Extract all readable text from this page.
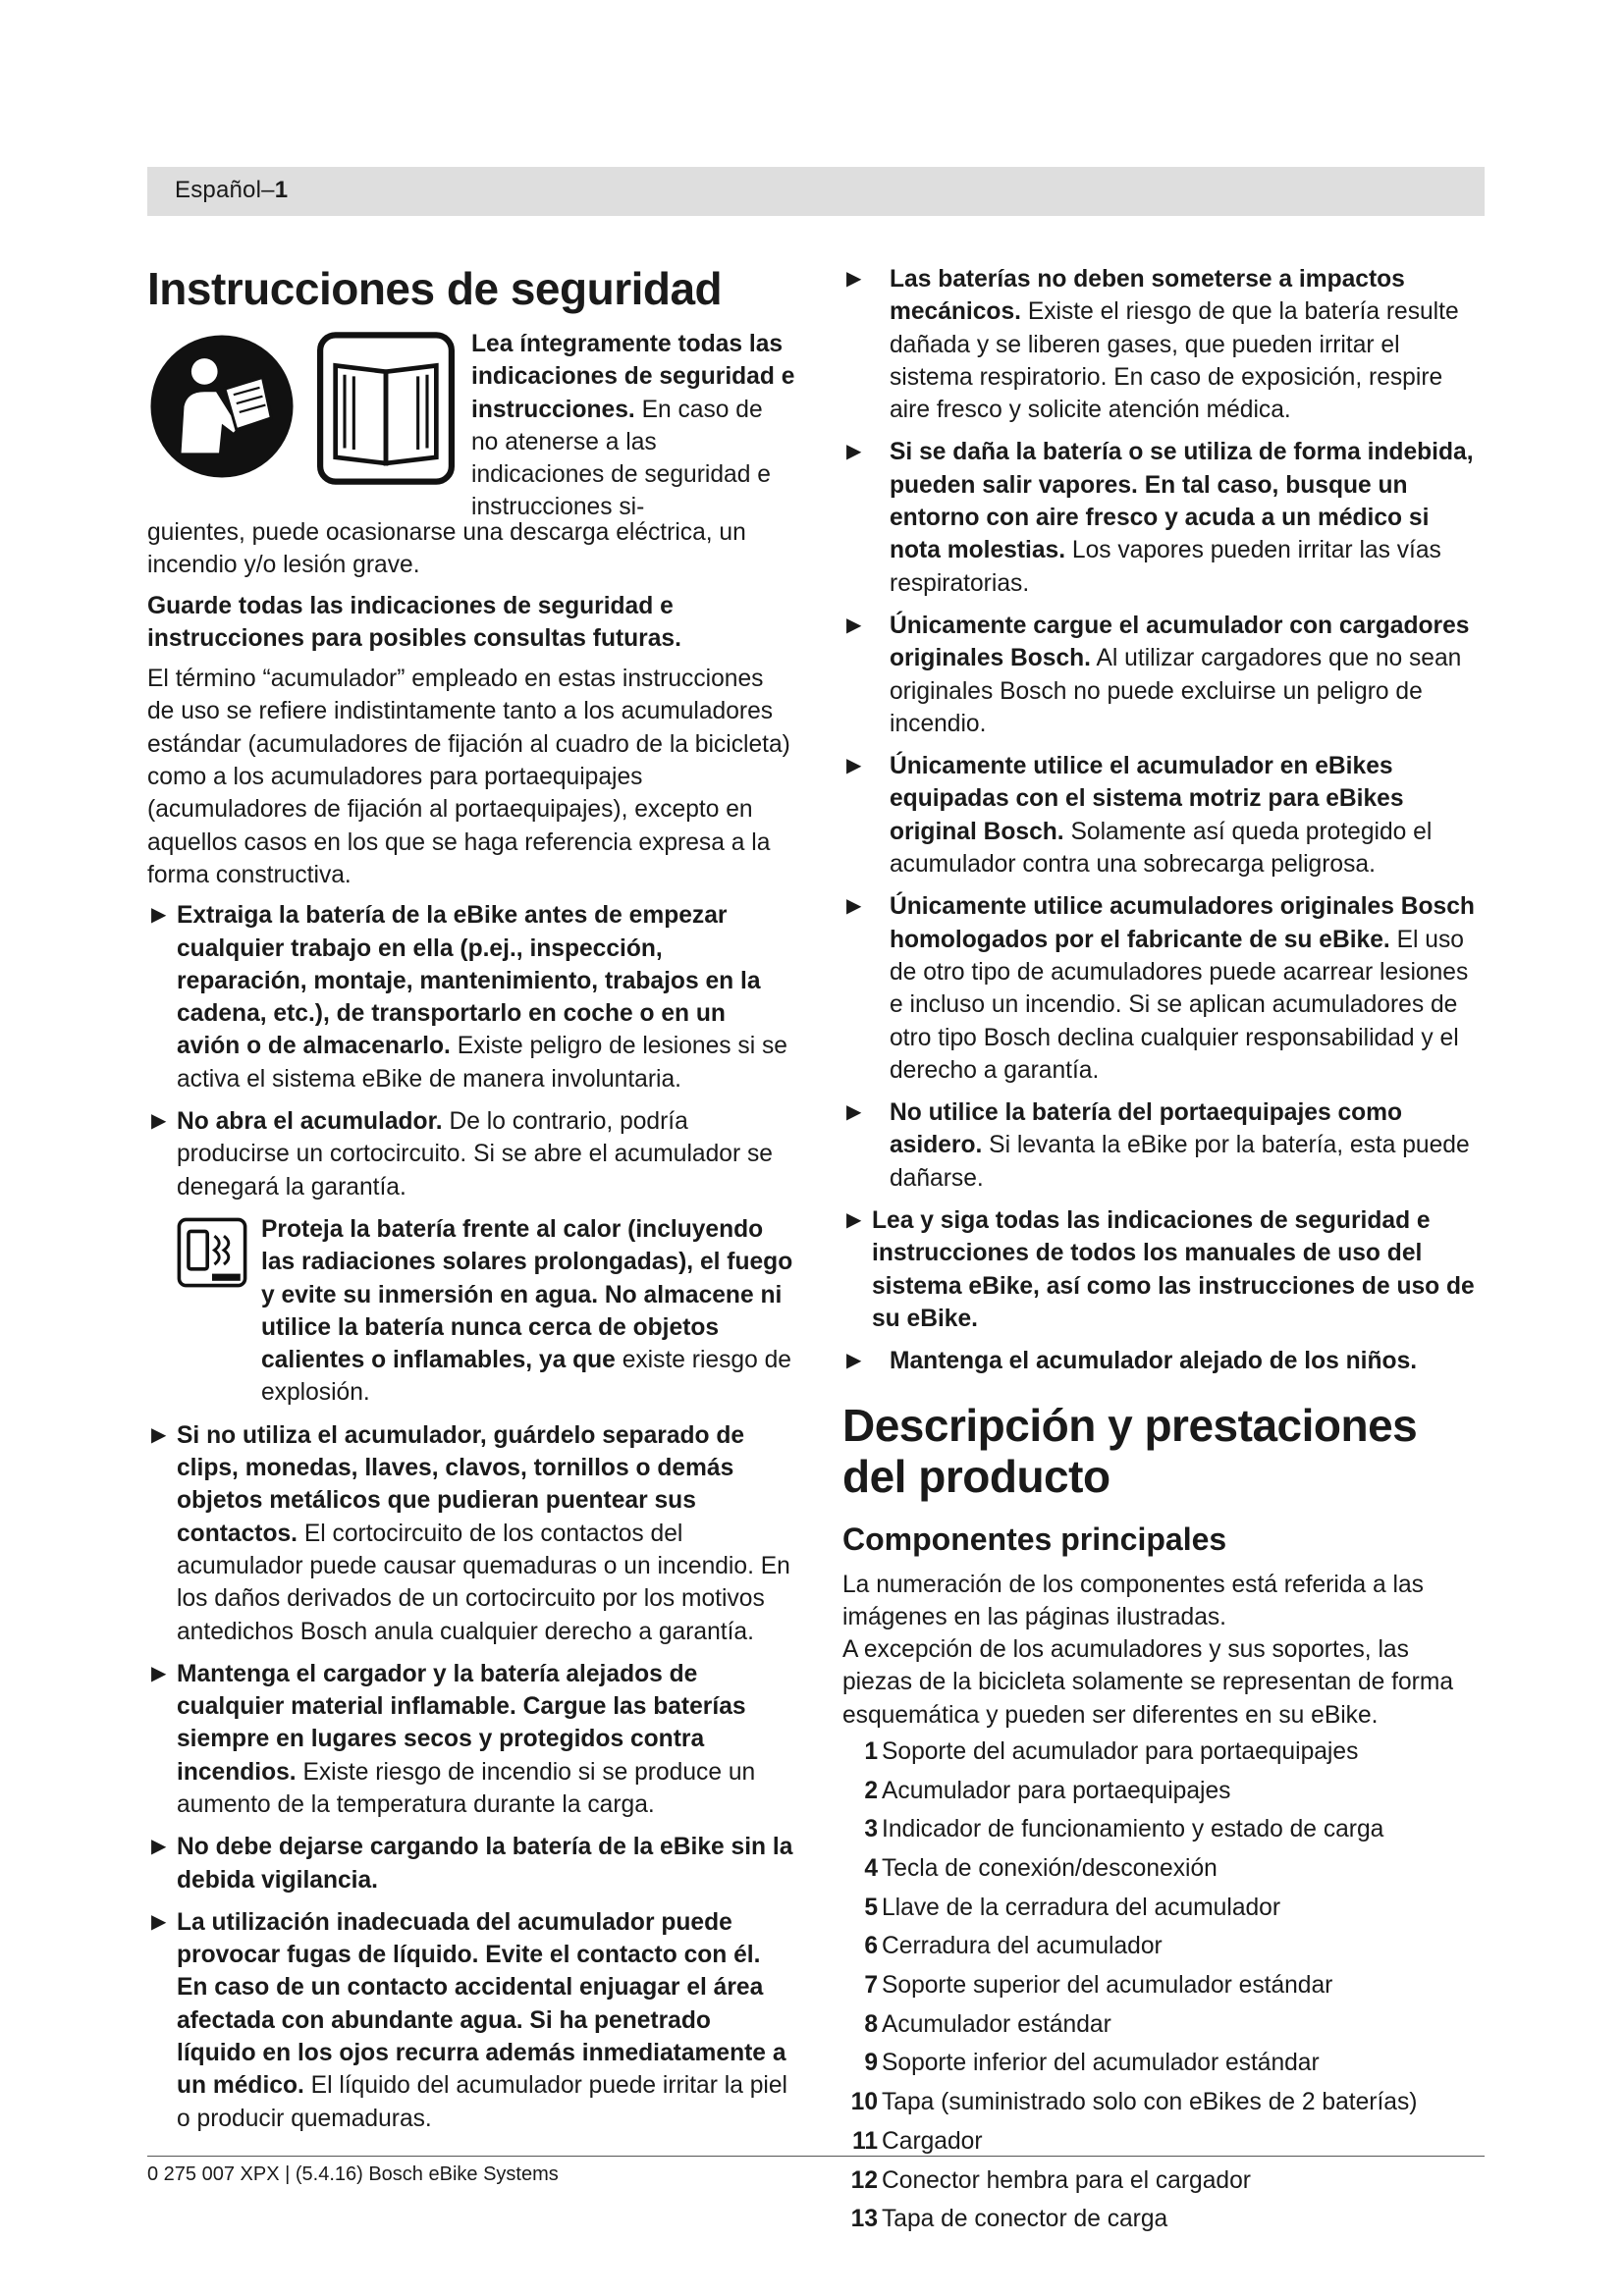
Español–1
Instrucciones de seguridad
Lea íntegramente todas las indicaciones de seguridad e instrucciones. En caso de no atenerse a las indicaciones de seguridad e instrucciones si-

guientes, puede ocasionarse una descarga eléctrica, un incendio y/o lesión grave.

Guarde todas las indicaciones de seguridad e instrucciones para posibles consultas futuras.

El término “acumulador” empleado en estas instrucciones de uso se refiere indistintamente tanto a los acumuladores estándar (acumuladores de fijación al cuadro de la bicicleta) como a los acumuladores para portaequipajes (acumuladores de fijación al portaequipajes), excepto en aquellos casos en los que se haga referencia expresa a la forma constructiva.

▶ Extraiga la batería de la eBike antes de empezar cualquier trabajo en ella (p.ej., inspección, reparación, montaje, mantenimiento, trabajos en la cadena, etc.), de transportarlo en coche o en un avión o de almacenarlo. Existe peligro de lesiones si se activa el sistema eBike de manera involuntaria.
▶ No abra el acumulador. De lo contrario, podría producirse un cortocircuito. Si se abre el acumulador se denegará la garantía.
Proteja la batería frente al calor (incluyendo las radiaciones solares prolongadas), el fuego y evite su inmersión en agua. No almacene ni utilice la batería nunca cerca de objetos calientes o inflamables, ya que existe riesgo de explosión.
▶ Si no utiliza el acumulador, guárdelo separado de clips, monedas, llaves, clavos, tornillos o demás objetos metálicos que pudieran puentear sus contactos. El cortocircuito de los contactos del acumulador puede causar quemaduras o un incendio. En los daños derivados de un cortocircuito por los motivos antedichos Bosch anula cualquier derecho a garantía.
▶ Mantenga el cargador y la batería alejados de cualquier material inflamable. Cargue las baterías siempre en lugares secos y protegidos contra incendios. Existe riesgo de incendio si se produce un aumento de la temperatura durante la carga.
▶ No debe dejarse cargando la batería de la eBike sin la debida vigilancia.
▶ La utilización inadecuada del acumulador puede provocar fugas de líquido. Evite el contacto con él. En caso de un contacto accidental enjuagar el área afectada con abundante agua. Si ha penetrado líquido en los ojos recurra además inmediatamente a un médico. El líquido del acumulador puede irritar la piel o producir quemaduras.
▶ Las baterías no deben someterse a impactos mecánicos. Existe el riesgo de que la batería resulte dañada y se liberen gases, que pueden irritar el sistema respiratorio. En caso de exposición, respire aire fresco y solicite atención médica.
▶ Si se daña la batería o se utiliza de forma indebida, pueden salir vapores. En tal caso, busque un entorno con aire fresco y acuda a un médico si nota molestias. Los vapores pueden irritar las vías respiratorias.
▶ Únicamente cargue el acumulador con cargadores originales Bosch. Al utilizar cargadores que no sean originales Bosch no puede excluirse un peligro de incendio.
▶ Únicamente utilice el acumulador en eBikes equipadas con el sistema motriz para eBikes original Bosch. Solamente así queda protegido el acumulador contra una sobrecarga peligrosa.
▶ Únicamente utilice acumuladores originales Bosch homologados por el fabricante de su eBike. El uso de otro tipo de acumuladores puede acarrear lesiones e incluso un incendio. Si se aplican acumuladores de otro tipo Bosch declina cualquier responsabilidad y el derecho a garantía.
▶ No utilice la batería del portaequipajes como asidero. Si levanta la eBike por la batería, esta puede dañarse.
▶ Lea y siga todas las indicaciones de seguridad e instrucciones de todos los manuales de uso del sistema eBike, así como las instrucciones de uso de su eBike.
▶ Mantenga el acumulador alejado de los niños.
Descripción y prestaciones del producto
Componentes principales

La numeración de los componentes está referida a las imágenes en las páginas ilustradas.

A excepción de los acumuladores y sus soportes, las piezas de la bicicleta solamente se representan de forma esquemática y pueden ser diferentes en su eBike.

1 Soporte del acumulador para portaequipajes
2 Acumulador para portaequipajes
3 Indicador de funcionamiento y estado de carga
4 Tecla de conexión/desconexión
5 Llave de la cerradura del acumulador
6 Cerradura del acumulador
7 Soporte superior del acumulador estándar
8 Acumulador estándar
9 Soporte inferior del acumulador estándar
10 Tapa (suministrado solo con eBikes de 2 baterías)
11 Cargador
12 Conector hembra para el cargador
13 Tapa de conector de carga
0 275 007 XPX | (5.4.16) Bosch eBike Systems
